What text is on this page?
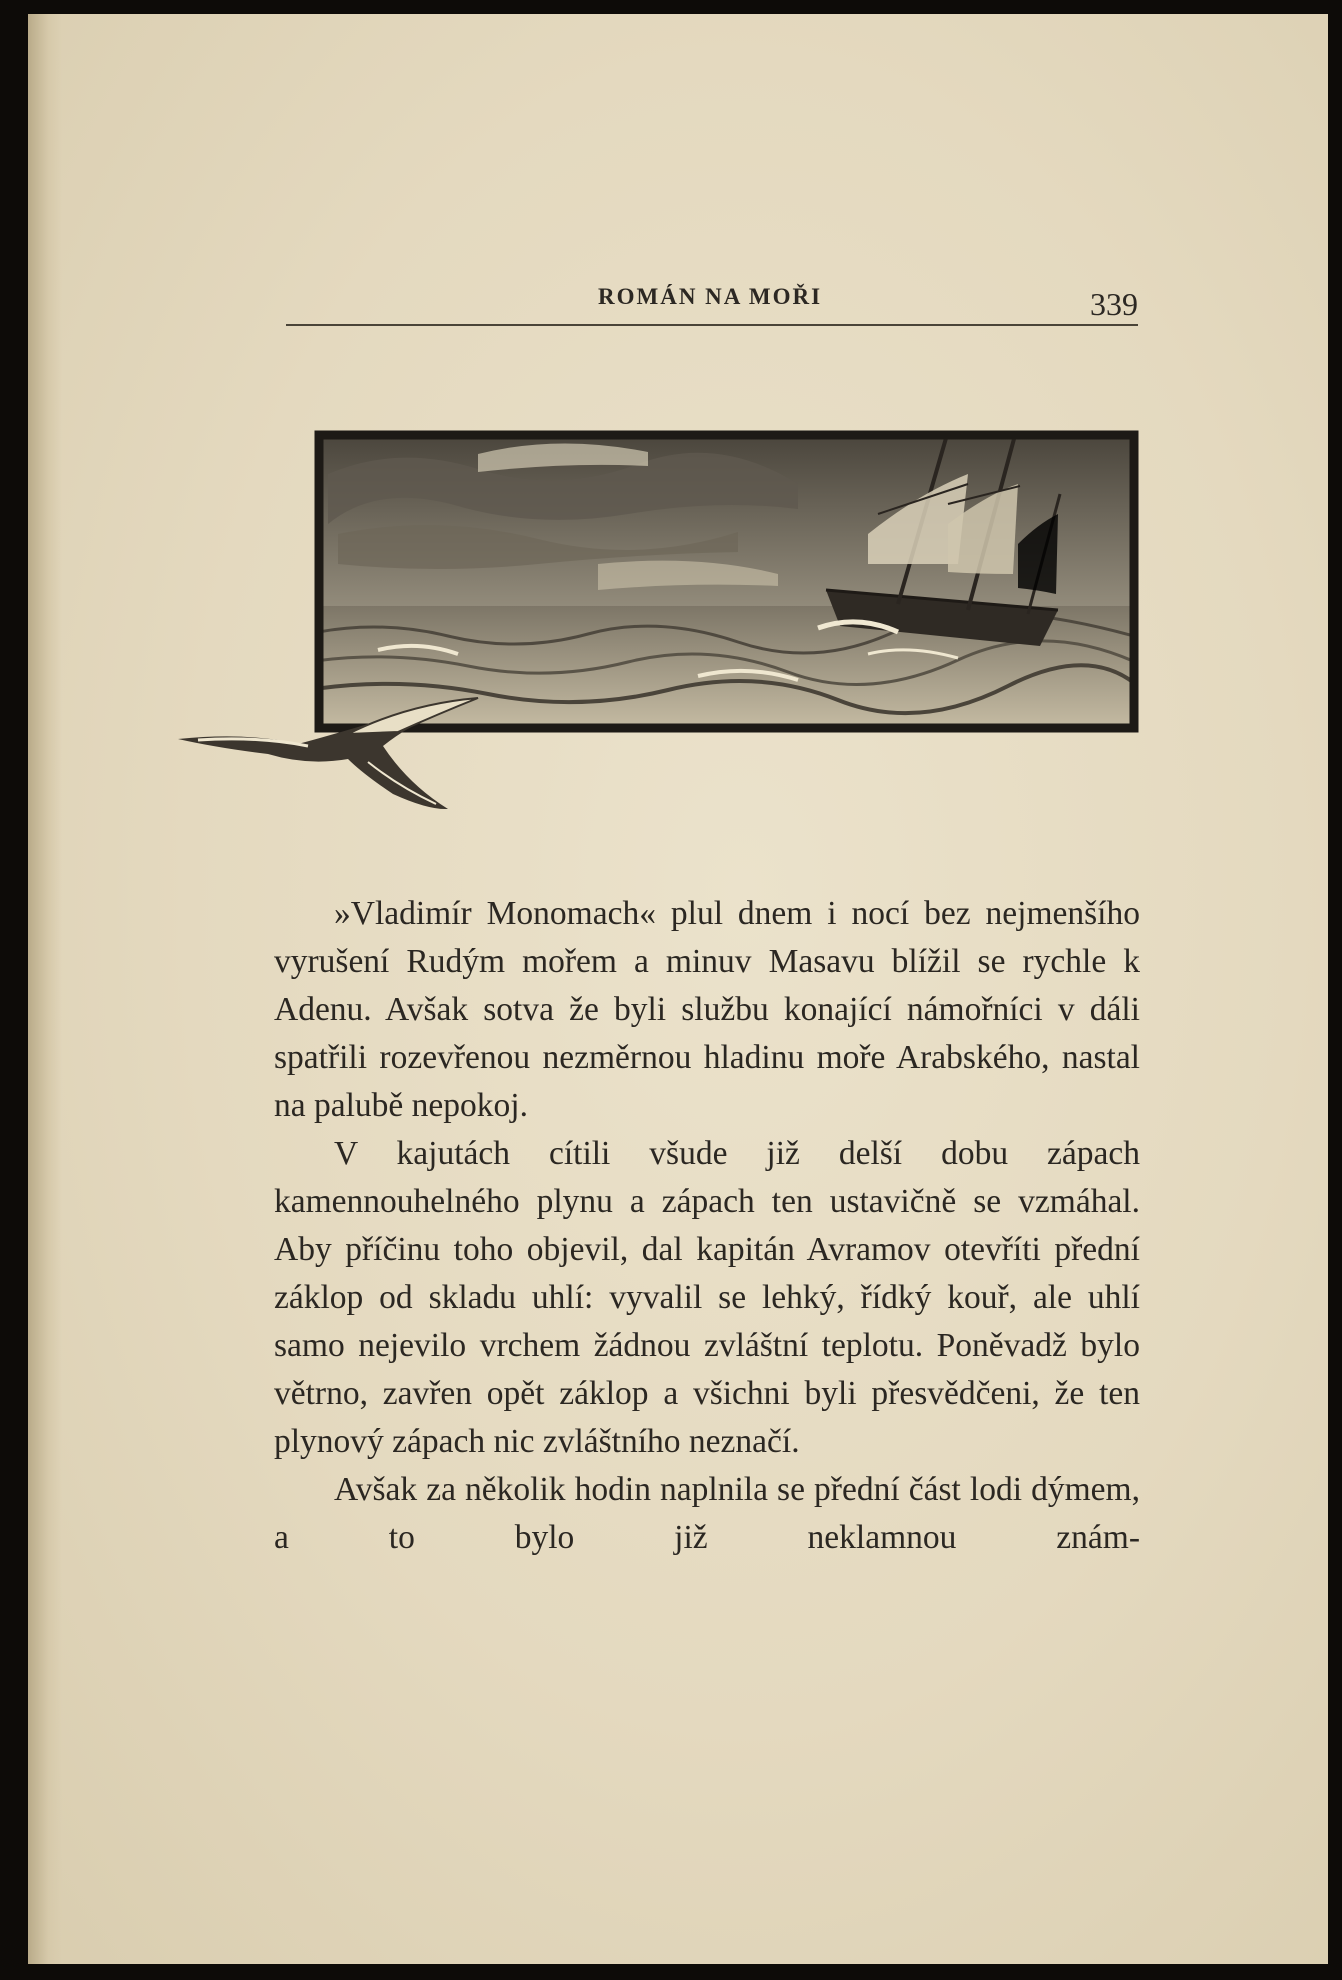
ROMÁN NA MOŘI	339

»Vladimír Monomach« plul dnem i nocí bez nejmenšího vyrušení Rudým mořem a minuv Masavu blížil se rychle k Adenu. Avšak sotva že byli službu konající námořníci v dáli spatřili rozevřenou nezměrnou hladinu moře Arabského, nastal na palubě nepokoj.

V kajutách cítili všude již delší dobu zápach kamennouhelného plynu a zápach ten ustavičně se vzmáhal. Aby příčinu toho objevil, dal kapitán Avramov otevříti přední záklop od skladu uhlí: vyvalil se lehký, řídký kouř, ale uhlí samo nejevilo vrchem žádnou zvláštní teplotu. Poněvadž bylo větrno, zavřen opět záklop a všichni byli přesvědčeni, že ten plynový zápach nic zvláštního neznačí.

Avšak za několik hodin naplnila se přední část lodi dýmem, a to bylo již neklamnou znám-
